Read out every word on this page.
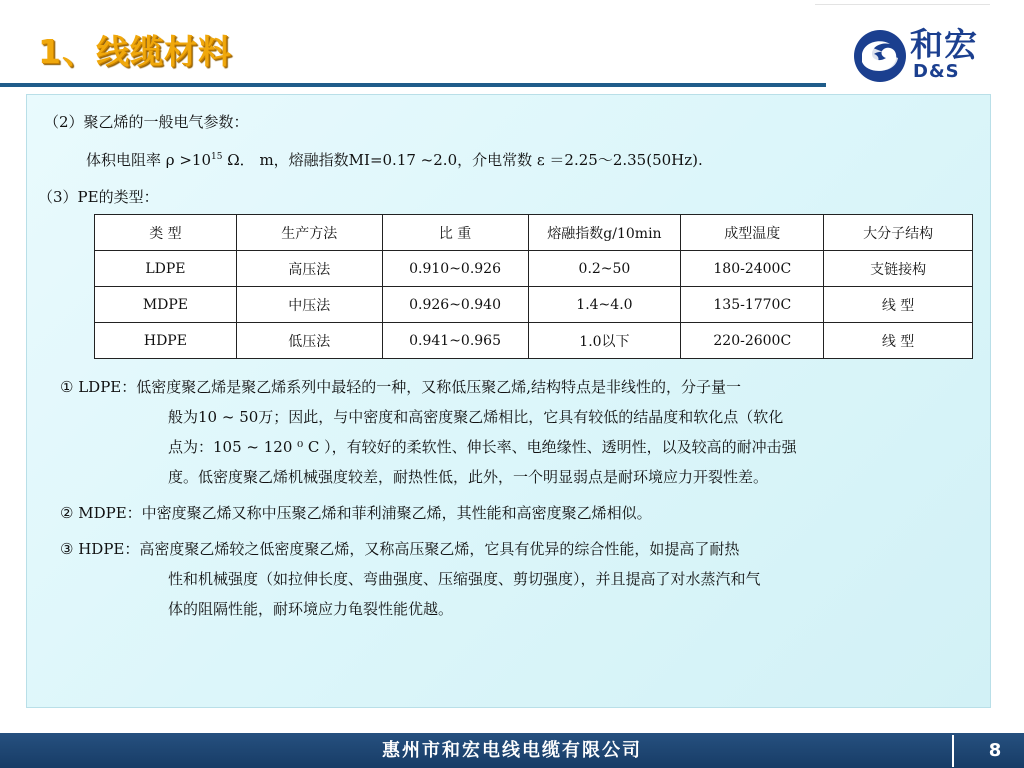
1、线缆材料	和宏
D&S
（2）聚乙烯的一般电气参数：
体积电阻率 $\rho >10^{15}$ Ω． m，熔融指数MI=0.17 ~2.0，介电常数 ε ＝2.25～2.35(50Hz).
（3）PE的类型：
类 型	生产方法	比 重	熔融指数g/10min	成型温度	大分子结构
LDPE	高压法	0.910~0.926	0.2~50	180-2400C	支链接构
MDPE	中压法	0.926~0.940	1.4~4.0	135-1770C	线 型
HDPE	低压法	0.941~0.965	1.0以下	220-2600C	线 型
① LDPE：低密度聚乙烯是聚乙烯系列中最轻的一种，又称低压聚乙烯,结构特点是非线性的，分子量一
般为10 ~ 50万；因此，与中密度和高密度聚乙烯相比，它具有较低的结晶度和软化点（软化
点为：105 ~ 120 ⁰ C ），有较好的柔软性、伸长率、电绝缘性、透明性，以及较高的耐冲击强
度。低密度聚乙烯机械强度较差，耐热性低，此外，一个明显弱点是耐环境应力开裂性差。
② MDPE：中密度聚乙烯又称中压聚乙烯和菲利浦聚乙烯，其性能和高密度聚乙烯相似。
③ HDPE：高密度聚乙烯较之低密度聚乙烯，又称高压聚乙烯，它具有优异的综合性能，如提高了耐热
性和机械强度（如拉伸长度、弯曲强度、压缩强度、剪切强度），并且提高了对水蒸汽和气
体的阻隔性能，耐环境应力龟裂性能优越。
惠州市和宏电线电缆有限公司	8
